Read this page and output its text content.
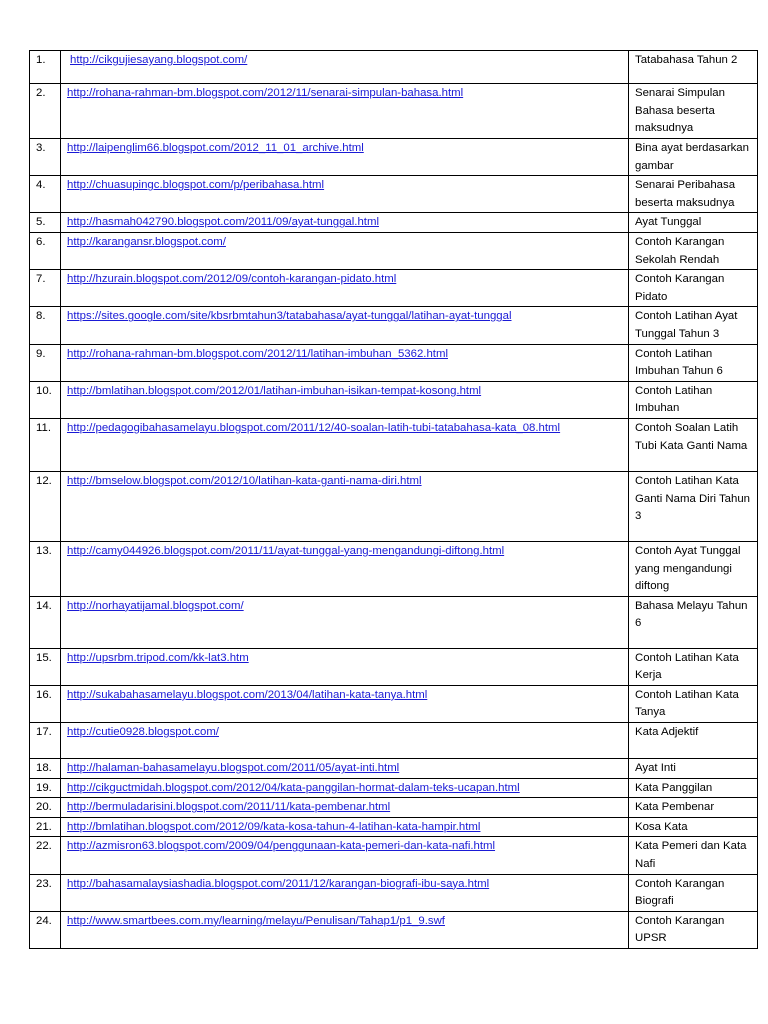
1.	http://cikgujiesayang.blogspot.com/	Tatabahasa Tahun 2
2.	http://rohana-rahman-bm.blogspot.com/2012/11/senarai-simpulan-bahasa.html	Senarai Simpulan Bahasa beserta maksudnya
3.	http://laipenglim66.blogspot.com/2012_11_01_archive.html	Bina ayat berdasarkan gambar
4.	http://chuasupingc.blogspot.com/p/peribahasa.html	Senarai Peribahasa beserta maksudnya
5.	http://hasmah042790.blogspot.com/2011/09/ayat-tunggal.html	Ayat Tunggal
6.	http://karangansr.blogspot.com/	Contoh Karangan Sekolah Rendah
7.	http://hzurain.blogspot.com/2012/09/contoh-karangan-pidato.html	Contoh Karangan Pidato
8.	https://sites.google.com/site/kbsrbmtahun3/tatabahasa/ayat-tunggal/latihan-ayat-tunggal	Contoh Latihan Ayat Tunggal Tahun 3
9.	http://rohana-rahman-bm.blogspot.com/2012/11/latihan-imbuhan_5362.html	Contoh Latihan Imbuhan Tahun 6
10.	http://bmlatihan.blogspot.com/2012/01/latihan-imbuhan-isikan-tempat-kosong.html	Contoh Latihan Imbuhan
11.	http://pedagogibahasamelayu.blogspot.com/2011/12/40-soalan-latih-tubi-tatabahasa-kata_08.html	Contoh Soalan Latih Tubi Kata Ganti Nama
12.	http://bmselow.blogspot.com/2012/10/latihan-kata-ganti-nama-diri.html	Contoh Latihan Kata Ganti Nama Diri Tahun 3
13.	http://camy044926.blogspot.com/2011/11/ayat-tunggal-yang-mengandungi-diftong.html	Contoh Ayat Tunggal yang mengandungi diftong
14.	http://norhayatijamal.blogspot.com/	Bahasa Melayu Tahun 6
15.	http://upsrbm.tripod.com/kk-lat3.htm	Contoh Latihan Kata Kerja
16.	http://sukabahasamelayu.blogspot.com/2013/04/latihan-kata-tanya.html	Contoh Latihan Kata Tanya
17.	http://cutie0928.blogspot.com/	Kata Adjektif
18.	http://halaman-bahasamelayu.blogspot.com/2011/05/ayat-inti.html	Ayat Inti
19.	http://cikguctmidah.blogspot.com/2012/04/kata-panggilan-hormat-dalam-teks-ucapan.html	Kata Panggilan
20.	http://bermuladarisini.blogspot.com/2011/11/kata-pembenar.html	Kata Pembenar
21.	http://bmlatihan.blogspot.com/2012/09/kata-kosa-tahun-4-latihan-kata-hampir.html	Kosa Kata
22.	http://azmisron63.blogspot.com/2009/04/penggunaan-kata-pemeri-dan-kata-nafi.html	Kata Pemeri dan Kata Nafi
23.	http://bahasamalaysiashadia.blogspot.com/2011/12/karangan-biografi-ibu-saya.html	Contoh Karangan Biografi
24.	http://www.smartbees.com.my/learning/melayu/Penulisan/Tahap1/p1_9.swf	Contoh Karangan UPSR
